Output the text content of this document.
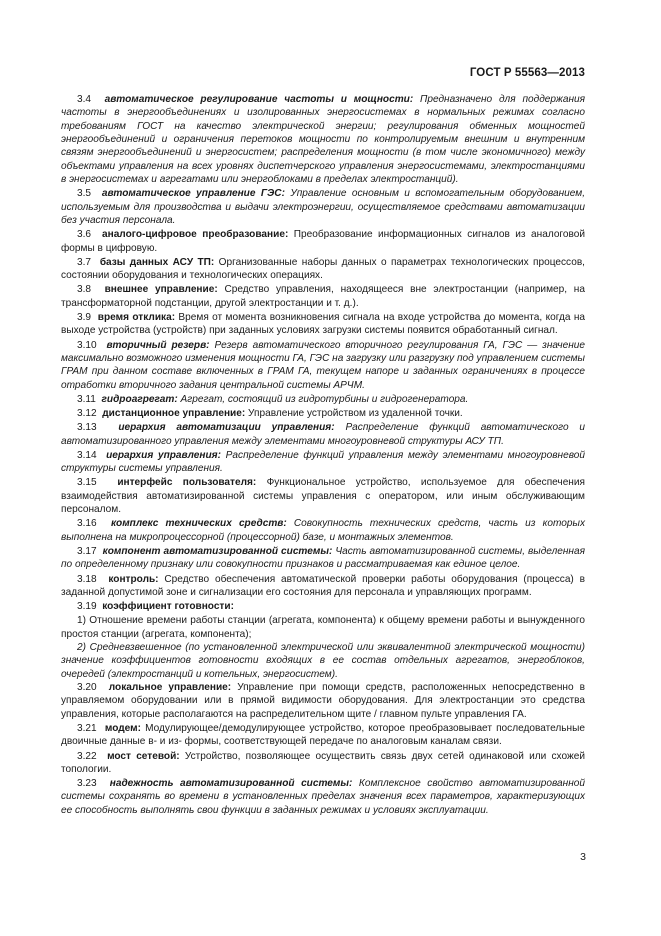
ГОСТ Р 55563—2013

3.4 автоматическое регулирование частоты и мощности: Предназначено для поддержания частоты в энергообъединениях и изолированных энергосистемах в нормальных режимах согласно требованиям ГОСТ на качество электрической энергии; регулирования обменных мощностей энергообъединений и ограничения перетоков мощности по контролируемым внешним и внутренним связям энергообъединений и энергосистем; распределения мощности (в том числе экономичного) между объектами управления на всех уровнях диспетчерского управления энергосистемами, электростанциями в энергосистемах и агрегатами или энергоблоками в пределах электростанций).

3.5 автоматическое управление ГЭС: Управление основным и вспомогательным оборудованием, используемым для производства и выдачи электроэнергии, осуществляемое средствами автоматизации без участия персонала.

3.6 аналого-цифровое преобразование: Преобразование информационных сигналов из аналоговой формы в цифровую.

3.7 базы данных АСУ ТП: Организованные наборы данных о параметрах технологических процессов, состоянии оборудования и технологических операциях.

3.8 внешнее управление: Средство управления, находящееся вне электростанции (например, на трансформаторной подстанции, другой электростанции и т. д.).

3.9 время отклика: Время от момента возникновения сигнала на входе устройства до момента, когда на выходе устройства (устройств) при заданных условиях загрузки системы появится обработанный сигнал.

3.10 вторичный резерв: Резерв автоматического вторичного регулирования ГА, ГЭС — значение максимально возможного изменения мощности ГА, ГЭС на загрузку или разгрузку под управлением системы ГРАМ при данном составе включенных в ГРАМ ГА, текущем напоре и заданных ограничениях в процессе отработки вторичного задания центральной системы АРЧМ.

3.11 гидроагрегат: Агрегат, состоящий из гидротурбины и гидрогенератора.

3.12 дистанционное управление: Управление устройством из удаленной точки.

3.13 иерархия автоматизации управления: Распределение функций автоматического и автоматизированного управления между элементами многоуровневой структуры АСУ ТП.

3.14 иерархия управления: Распределение функций управления между элементами многоуровневой структуры системы управления.

3.15 интерфейс пользователя: Функциональное устройство, используемое для обеспечения взаимодействия автоматизированной системы управления с оператором, или иным обслуживающим персоналом.

3.16 комплекс технических средств: Совокупность технических средств, часть из которых выполнена на микропроцессорной (процессорной) базе, и монтажных элементов.

3.17 компонент автоматизированной системы: Часть автоматизированной системы, выделенная по определенному признаку или совокупности признаков и рассматриваемая как единое целое.

3.18 контроль: Средство обеспечения автоматической проверки работы оборудования (процесса) в заданной допустимой зоне и сигнализации его состояния для персонала и управляющих программ.

3.19 коэффициент готовности:

1) Отношение времени работы станции (агрегата, компонента) к общему времени работы и вынужденного простоя станции (агрегата, компонента);

2) Средневзвешенное (по установленной электрической или эквивалентной электрической мощности) значение коэффициентов готовности входящих в ее состав отдельных агрегатов, энергоблоков, очередей (электростанций и котельных, энергосистем).

3.20 локальное управление: Управление при помощи средств, расположенных непосредственно в управляемом оборудовании или в прямой видимости оборудования. Для электростанции это средства управления, которые располагаются на распределительном щите / главном пульте управления ГА.

3.21 модем: Модулирующее/демодулирующее устройство, которое преобразовывает последовательные двоичные данные в- и из- формы, соответствующей передаче по аналоговым каналам связи.

3.22 мост сетевой: Устройство, позволяющее осуществить связь двух сетей одинаковой или схожей топологии.

3.23 надежность автоматизированной системы: Комплексное свойство автоматизированной системы сохранять во времени в установленных пределах значения всех параметров, характеризующих ее способность выполнять свои функции в заданных режимах и условиях эксплуатации.

3
